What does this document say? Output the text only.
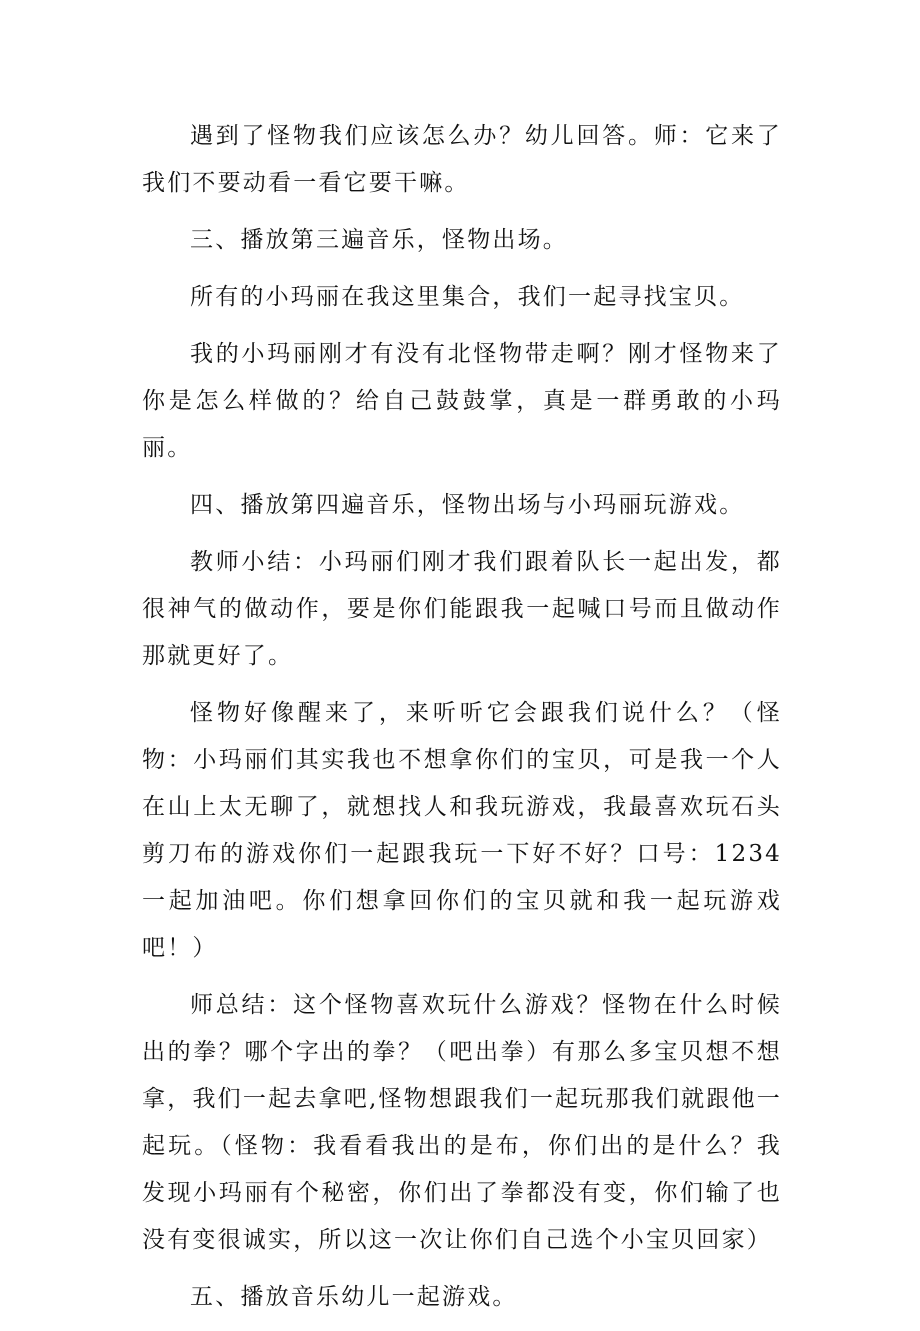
遇到了怪物我们应该怎么办？幼儿回答。师：它来了我们不要动看一看它要干嘛。

三、播放第三遍音乐，怪物出场。

所有的小玛丽在我这里集合，我们一起寻找宝贝。

我的小玛丽刚才有没有北怪物带走啊？刚才怪物来了你是怎么样做的？给自己鼓鼓掌，真是一群勇敢的小玛丽。

四、播放第四遍音乐，怪物出场与小玛丽玩游戏。

教师小结：小玛丽们刚才我们跟着队长一起出发，都很神气的做动作，要是你们能跟我一起喊口号而且做动作那就更好了。

怪物好像醒来了，来听听它会跟我们说什么？（怪物：小玛丽们其实我也不想拿你们的宝贝，可是我一个人在山上太无聊了，就想找人和我玩游戏，我最喜欢玩石头剪刀布的游戏你们一起跟我玩一下好不好？口号：1234 一起加油吧。你们想拿回你们的宝贝就和我一起玩游戏吧！）

师总结：这个怪物喜欢玩什么游戏？怪物在什么时候出的拳？哪个字出的拳？（吧出拳）有那么多宝贝想不想拿，我们一起去拿吧,怪物想跟我们一起玩那我们就跟他一起玩。（怪物：我看看我出的是布，你们出的是什么？我发现小玛丽有个秘密，你们出了拳都没有变，你们输了也没有变很诚实，所以这一次让你们自己选个小宝贝回家）

五、播放音乐幼儿一起游戏。
